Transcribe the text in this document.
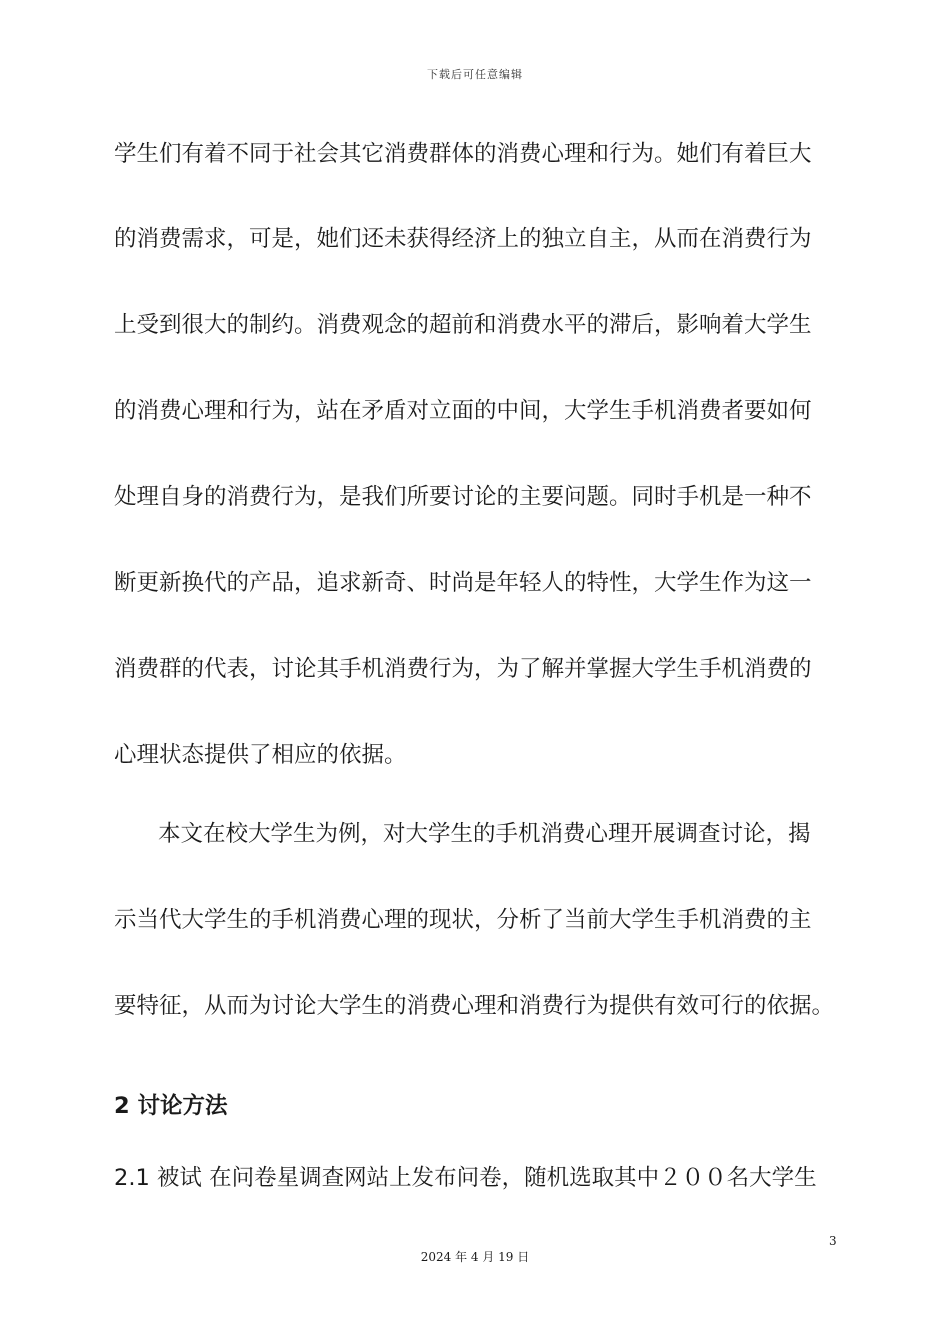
下载后可任意编辑
学生们有着不同于社会其它消费群体的消费心理和行为。她们有着巨大
的消费需求，可是，她们还未获得经济上的独立自主，从而在消费行为
上受到很大的制约。消费观念的超前和消费水平的滞后，影响着大学生
的消费心理和行为，站在矛盾对立面的中间，大学生手机消费者要如何
处理自身的消费行为，是我们所要讨论的主要问题。同时手机是一种不
断更新换代的产品，追求新奇、时尚是年轻人的特性，大学生作为这一
消费群的代表，讨论其手机消费行为，为了解并掌握大学生手机消费的
心理状态提供了相应的依据。
本文在校大学生为例，对大学生的手机消费心理开展调查讨论，揭
示当代大学生的手机消费心理的现状，分析了当前大学生手机消费的主
要特征，从而为讨论大学生的消费心理和消费行为提供有效可行的依据。
2 讨论方法
2.1 被试 在问卷星调查网站上发布问卷，随机选取其中２００名大学生
3
2024 年 4 月 19 日
